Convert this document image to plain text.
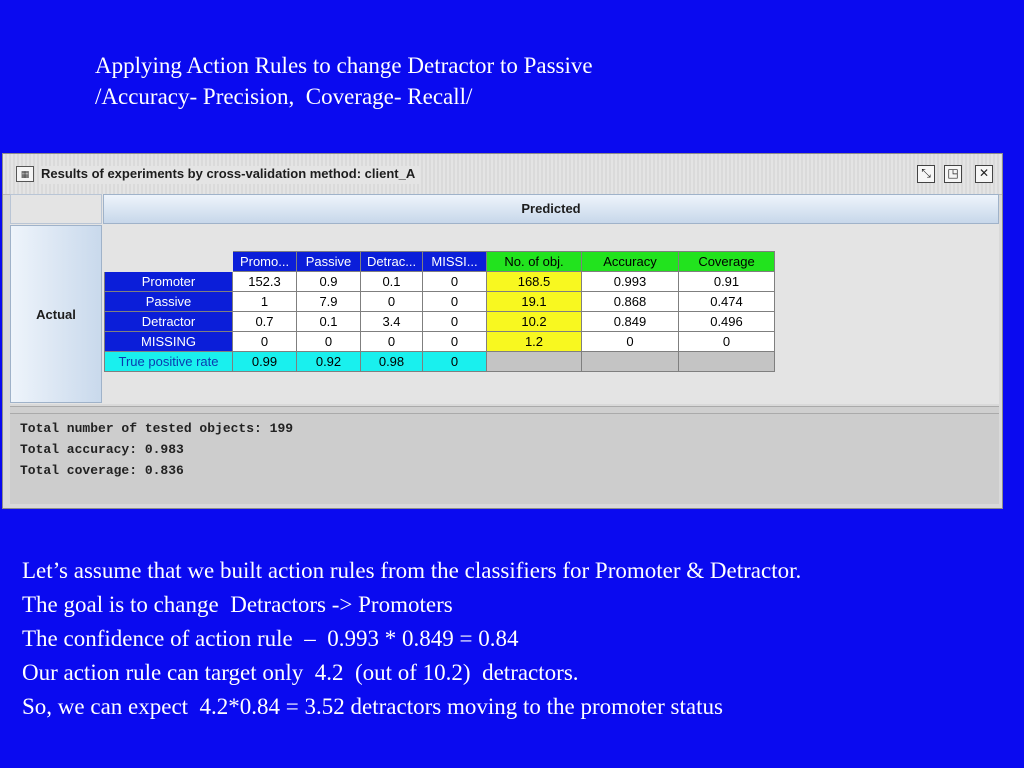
Applying Action Rules to change Detractor to Passive
/Accuracy- Precision,  Coverage- Recall/
▦ Results of experiments by cross-validation method: client_A	⤡	◳	✕
Predicted
Actual
	Promo...	Passive	Detrac...	MISSI...	No. of obj.	Accuracy	Coverage
Promoter	152.3	0.9	0.1	0	168.5	0.993	0.91
Passive	1	7.9	0	0	19.1	0.868	0.474
Detractor	0.7	0.1	3.4	0	10.2	0.849	0.496
MISSING	0	0	0	0	1.2	0	0
True positive rate	0.99	0.92	0.98	0			
Total number of tested objects: 199
Total accuracy: 0.983
Total coverage: 0.836
Let’s assume that we built action rules from the classifiers for Promoter & Detractor.
The goal is to change  Detractors -> Promoters
The confidence of action rule  –  0.993 * 0.849 = 0.84
Our action rule can target only  4.2  (out of 10.2)  detractors.
So, we can expect  4.2*0.84 = 3.52 detractors moving to the promoter status
